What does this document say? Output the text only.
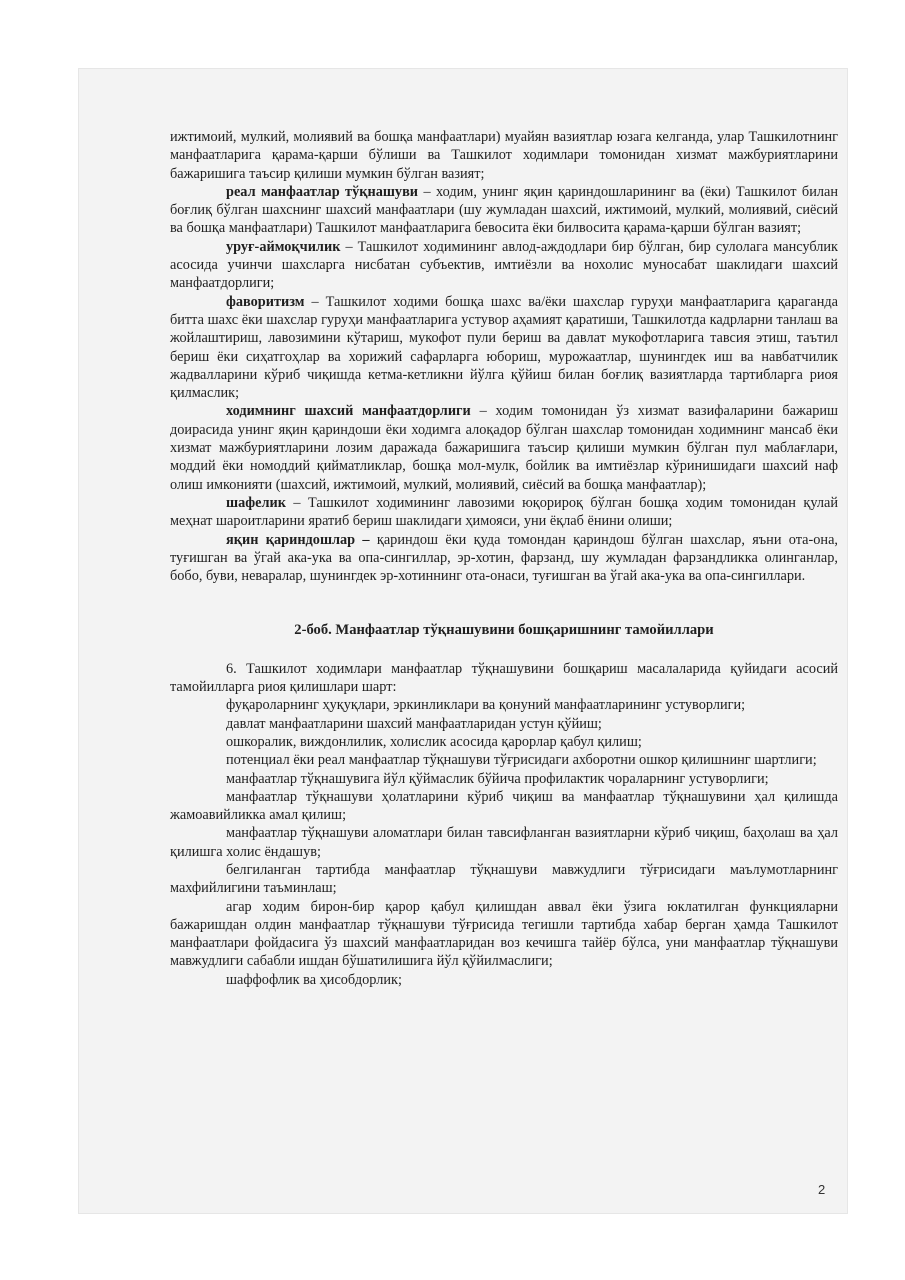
ижтимоий, мулкий, молиявий ва бошқа манфаатлари) муайян вазиятлар юзага келганда, улар Ташкилотнинг манфаатларига қарама-қарши бўлиши ва Ташкилот ходимлари томонидан хизмат мажбуриятларини бажаришига таъсир қилиши мумкин бўлган вазият;

реал манфаатлар тўқнашуви – ходим, унинг яқин қариндошларининг ва (ёки) Ташкилот билан боғлиқ бўлган шахснинг шахсий манфаатлари (шу жумладан шахсий, ижтимоий, мулкий, молиявий, сиёсий ва бошқа манфаатлари) Ташкилот манфаатларига бевосита ёки билвосита қарама-қарши бўлган вазият;

уруғ-аймоқчилик – Ташкилот ходимининг авлод-аждодлари бир бўлган, бир сулолага мансублик асосида учинчи шахсларга нисбатан субъектив, имтиёзли ва нохолис муносабат шаклидаги шахсий манфаатдорлиги;

фаворитизм – Ташкилот ходими бошқа шахс ва/ёки шахслар гуруҳи манфаатларига қараганда битта шахс ёки шахслар гуруҳи манфаатларига устувор аҳамият қаратиши, Ташкилотда кадрларни танлаш ва жойлаштириш, лавозимини кўтариш, мукофот пули бериш ва давлат мукофотларига тавсия этиш, таътил бериш ёки сиҳатгоҳлар ва хорижий сафарларга юбориш, мурожаатлар, шунингдек иш ва навбатчилик жадвалларини кўриб чиқишда кетма-кетликни йўлга қўйиш билан боғлиқ вазиятларда тартибларга риоя қилмаслик;

ходимнинг шахсий манфаатдорлиги – ходим томонидан ўз хизмат вазифаларини бажариш доирасида унинг яқин қариндоши ёки ходимга алоқадор бўлган шахслар томонидан ходимнинг мансаб ёки хизмат мажбуриятларини лозим даражада бажаришига таъсир қилиши мумкин бўлган пул маблағлари, моддий ёки номоддий қийматликлар, бошқа мол-мулк, бойлик ва имтиёзлар кўринишидаги шахсий наф олиш имконияти (шахсий, ижтимоий, мулкий, молиявий, сиёсий ва бошқа манфаатлар);

шафелик – Ташкилот ходимининг лавозими юқорироқ бўлган бошқа ходим томонидан қулай меҳнат шароитларини яратиб бериш шаклидаги ҳимояси, уни ёқлаб ёнини олиши;

яқин қариндошлар – қариндош ёки қуда томондан қариндош бўлган шахслар, яъни ота-она, туғишган ва ўгай ака-ука ва опа-сингиллар, эр-хотин, фарзанд, шу жумладан фарзандликка олинганлар, бобо, буви, неваралар, шунингдек эр-хотиннинг ота-онаси, туғишган ва ўгай ака-ука ва опа-сингиллари.

2-боб. Манфаатлар тўқнашувини бошқаришнинг тамойиллари

6. Ташкилот ходимлари манфаатлар тўқнашувини бошқариш масалаларида қуйидаги асосий тамойилларга риоя қилишлари шарт:

фуқароларнинг ҳуқуқлари, эркинликлари ва қонуний манфаатларининг устуворлиги;

давлат манфаатларини шахсий манфаатларидан устун қўйиш;

ошкоралик, виждонлилик, холислик асосида қарорлар қабул қилиш;

потенциал ёки реал манфаатлар тўқнашуви тўғрисидаги ахборотни ошкор қилишнинг шартлиги;

манфаатлар тўқнашувига йўл қўймаслик бўйича профилактик чораларнинг устуворлиги;

манфаатлар тўқнашуви ҳолатларини кўриб чиқиш ва манфаатлар тўқнашувини ҳал қилишда жамоавийликка амал қилиш;

манфаатлар тўқнашуви аломатлари билан тавсифланган вазиятларни кўриб чиқиш, баҳолаш ва ҳал қилишга холис ёндашув;

белгиланган тартибда манфаатлар тўқнашуви мавжудлиги тўғрисидаги маълумотларнинг махфийлигини таъминлаш;

агар ходим бирон-бир қарор қабул қилишдан аввал ёки ўзига юклатилган функцияларни бажаришдан олдин манфаатлар тўқнашуви тўғрисида тегишли тартибда хабар берган ҳамда Ташкилот манфаатлари фойдасига ўз шахсий манфаатларидан воз кечишга тайёр бўлса, уни манфаатлар тўқнашуви мавжудлиги сабабли ишдан бўшатилишига йўл қўйилмаслиги;

шаффофлик ва ҳисобдорлик;

2
